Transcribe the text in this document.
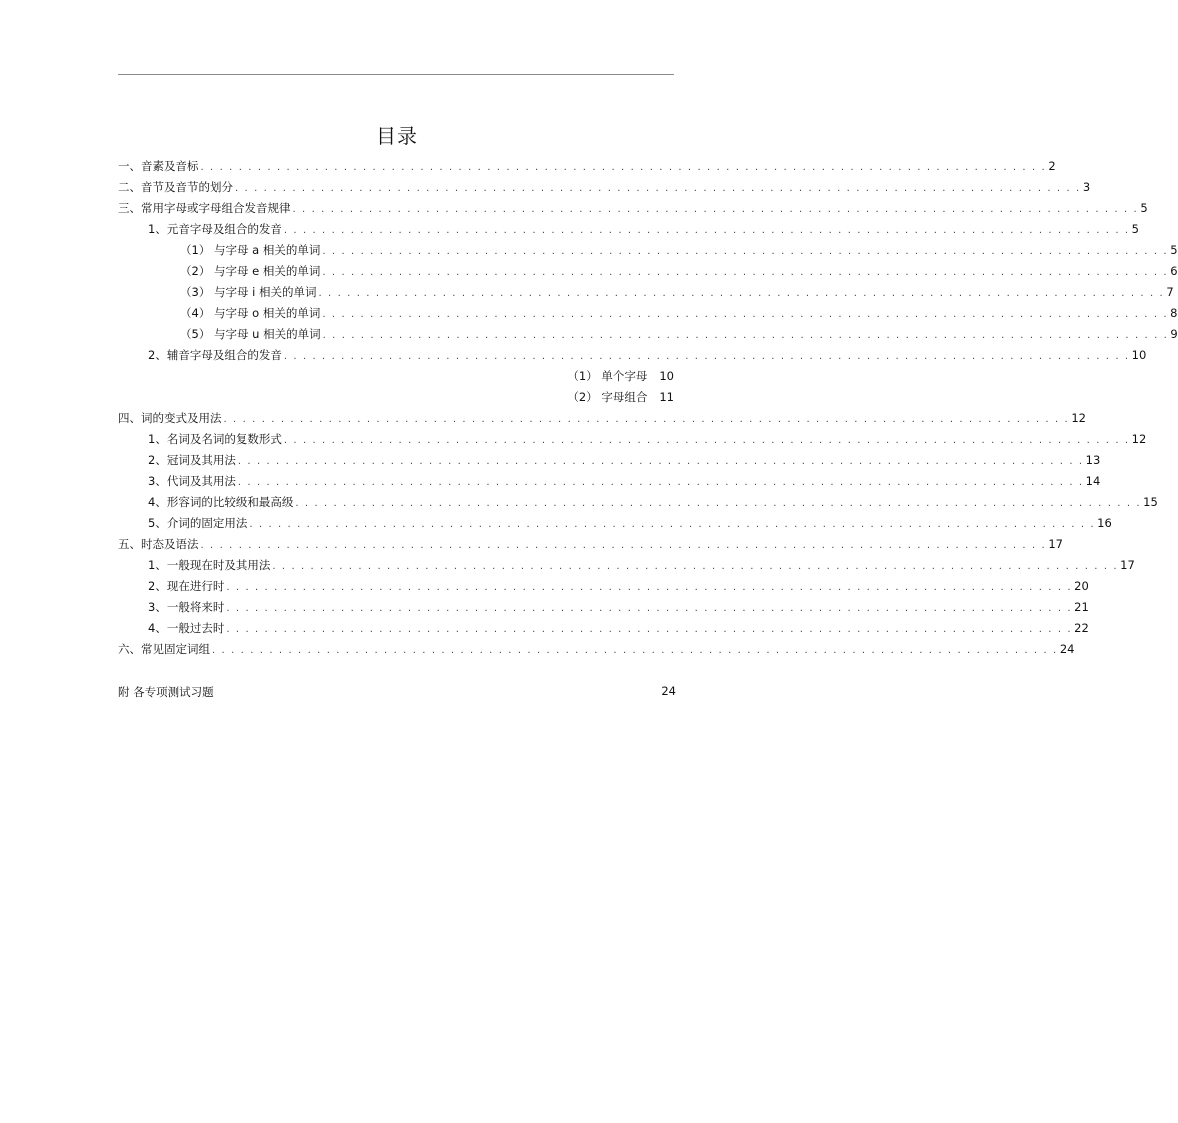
目录
一、音素及音标 . . . . . . . . . . . . . . . . . . . . . . . . . . . . . . . . . . . . . . . . . . . . . . . . . . . . . . . . . . . . . . . . . . . . . . . . . . . . . . . . . . . . . . . . . 2
二、音节及音节的划分 . . . . . . . . . . . . . . . . . . . . . . . . . . . . . . . . . . . . . . . . . . . . . . . . . . . . . . . . . . . . . . . . . . . . . . . . . . . . . . . . . . . . . . . . . 3
三、常用字母或字母组合发音规律 . . . . . . . . . . . . . . . . . . . . . . . . . . . . . . . . . . . . . . . . . . . . . . . . . . . . . . . . . . . . . . . . . . . . . . . . . . . . . . . . . . . . . . . . . 5
1、元音字母及组合的发音 . . . . . . . . . . . . . . . . . . . . . . . . . . . . . . . . . . . . . . . . . . . . . . . . . . . . . . . . . . . . . . . . . . . . . . . . . . . . . . . . . . . . . . . . . 5
（1） 与字母 a 相关的单词 . . . . . . . . . . . . . . . . . . . . . . . . . . . . . . . . . . . . . . . . . . . . . . . . . . . . . . . . . . . . . . . . . . . . . . . . . . . . . . . . . . . . . . . . . 5
（2） 与字母 e 相关的单词 . . . . . . . . . . . . . . . . . . . . . . . . . . . . . . . . . . . . . . . . . . . . . . . . . . . . . . . . . . . . . . . . . . . . . . . . . . . . . . . . . . . . . . . . . 6
（3） 与字母 i 相关的单词 . . . . . . . . . . . . . . . . . . . . . . . . . . . . . . . . . . . . . . . . . . . . . . . . . . . . . . . . . . . . . . . . . . . . . . . . . . . . . . . . . . . . . . . . . 7
（4） 与字母 o 相关的单词 . . . . . . . . . . . . . . . . . . . . . . . . . . . . . . . . . . . . . . . . . . . . . . . . . . . . . . . . . . . . . . . . . . . . . . . . . . . . . . . . . . . . . . . . . 8
（5） 与字母 u 相关的单词 . . . . . . . . . . . . . . . . . . . . . . . . . . . . . . . . . . . . . . . . . . . . . . . . . . . . . . . . . . . . . . . . . . . . . . . . . . . . . . . . . . . . . . . . . 9
2、辅音字母及组合的发音 . . . . . . . . . . . . . . . . . . . . . . . . . . . . . . . . . . . . . . . . . . . . . . . . . . . . . . . . . . . . . . . . . . . . . . . . . . . . . . . . . . . . . . . . . 10
（1） 单个字母 10
（2） 字母组合 11
四、词的变式及用法 . . . . . . . . . . . . . . . . . . . . . . . . . . . . . . . . . . . . . . . . . . . . . . . . . . . . . . . . . . . . . . . . . . . . . . . . . . . . . . . . . . . . . . . . . 12
1、名词及名词的复数形式 . . . . . . . . . . . . . . . . . . . . . . . . . . . . . . . . . . . . . . . . . . . . . . . . . . . . . . . . . . . . . . . . . . . . . . . . . . . . . . . . . . . . . . . . . 12
2、冠词及其用法 . . . . . . . . . . . . . . . . . . . . . . . . . . . . . . . . . . . . . . . . . . . . . . . . . . . . . . . . . . . . . . . . . . . . . . . . . . . . . . . . . . . . . . . . . 13
3、代词及其用法 . . . . . . . . . . . . . . . . . . . . . . . . . . . . . . . . . . . . . . . . . . . . . . . . . . . . . . . . . . . . . . . . . . . . . . . . . . . . . . . . . . . . . . . . . 14
4、形容词的比较级和最高级 . . . . . . . . . . . . . . . . . . . . . . . . . . . . . . . . . . . . . . . . . . . . . . . . . . . . . . . . . . . . . . . . . . . . . . . . . . . . . . . . . . . . . . . . . 15
5、介词的固定用法 . . . . . . . . . . . . . . . . . . . . . . . . . . . . . . . . . . . . . . . . . . . . . . . . . . . . . . . . . . . . . . . . . . . . . . . . . . . . . . . . . . . . . . . . . 16
五、时态及语法 . . . . . . . . . . . . . . . . . . . . . . . . . . . . . . . . . . . . . . . . . . . . . . . . . . . . . . . . . . . . . . . . . . . . . . . . . . . . . . . . . . . . . . . . . 17
1、一般现在时及其用法 . . . . . . . . . . . . . . . . . . . . . . . . . . . . . . . . . . . . . . . . . . . . . . . . . . . . . . . . . . . . . . . . . . . . . . . . . . . . . . . . . . . . . . . . . 17
2、现在进行时 . . . . . . . . . . . . . . . . . . . . . . . . . . . . . . . . . . . . . . . . . . . . . . . . . . . . . . . . . . . . . . . . . . . . . . . . . . . . . . . . . . . . . . . . . 20
3、一般将来时 . . . . . . . . . . . . . . . . . . . . . . . . . . . . . . . . . . . . . . . . . . . . . . . . . . . . . . . . . . . . . . . . . . . . . . . . . . . . . . . . . . . . . . . . . 21
4、一般过去时 . . . . . . . . . . . . . . . . . . . . . . . . . . . . . . . . . . . . . . . . . . . . . . . . . . . . . . . . . . . . . . . . . . . . . . . . . . . . . . . . . . . . . . . . . 22
六、常见固定词组 . . . . . . . . . . . . . . . . . . . . . . . . . . . . . . . . . . . . . . . . . . . . . . . . . . . . . . . . . . . . . . . . . . . . . . . . . . . . . . . . . . . . . . . . . 24
附 各专项测试习题	24
